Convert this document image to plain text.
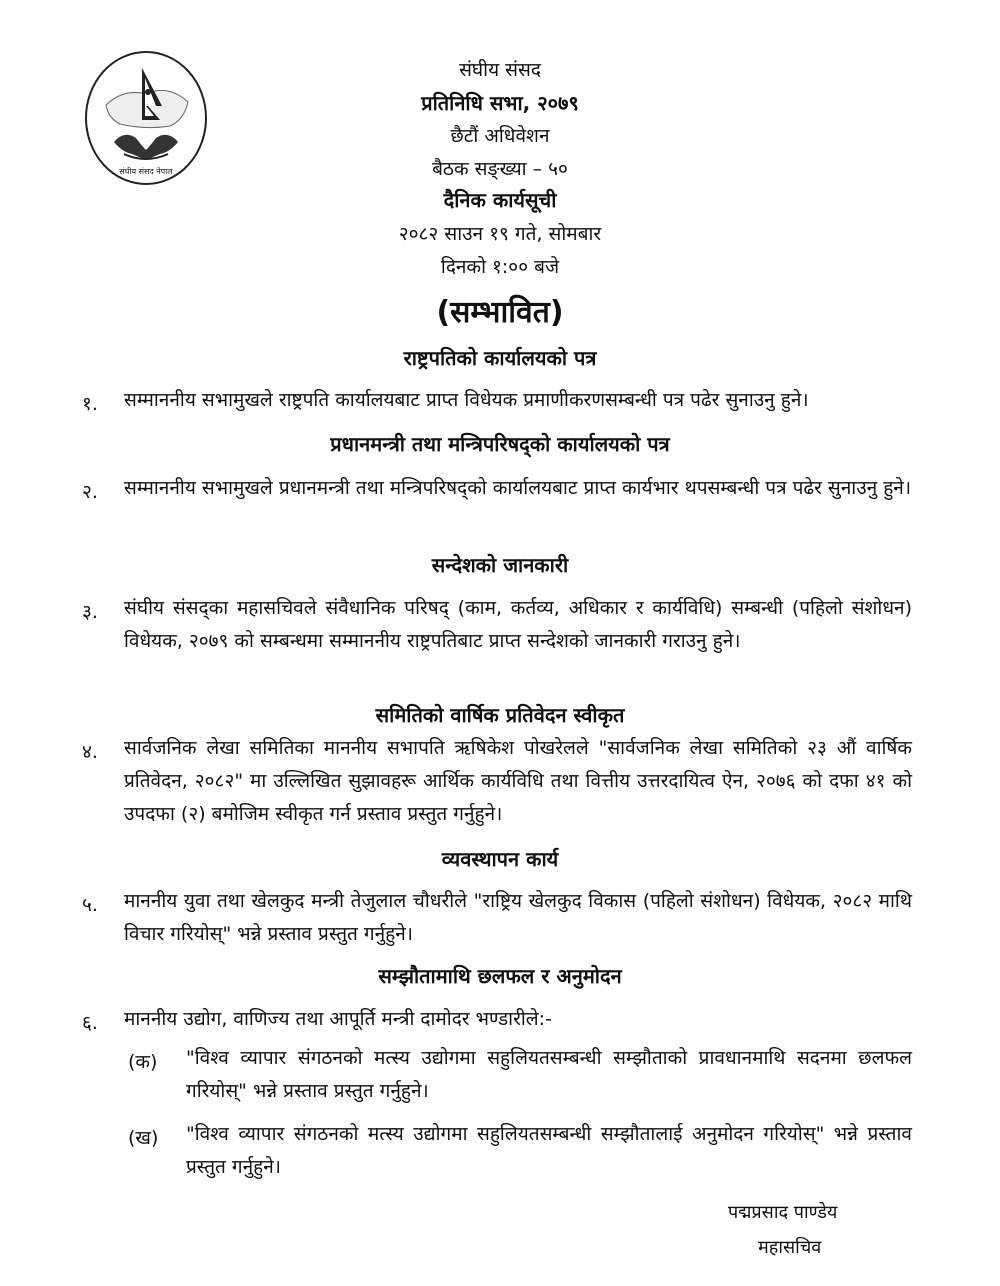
संघीय संसद नेपाल
संघीय संसद
प्रतिनिधि सभा, २०७९
छैटौं अधिवेशन
बैठक सङ्ख्या – ५०
दैनिक कार्यसूची
२०८२ साउन १९ गते, सोमबार
दिनको १:०० बजे
(सम्भावित)
राष्ट्रपतिको कार्यालयको पत्र
१. सम्माननीय सभामुखले राष्ट्रपति कार्यालयबाट प्राप्त विधेयक प्रमाणीकरणसम्बन्धी पत्र पढेर सुनाउनु हुने।
प्रधानमन्त्री तथा मन्त्रिपरिषद्को कार्यालयको पत्र
२. सम्माननीय सभामुखले प्रधानमन्त्री तथा मन्त्रिपरिषद्को कार्यालयबाट प्राप्त कार्यभार थपसम्बन्धी पत्र पढेर सुनाउनु हुने।
सन्देशको जानकारी
३. संघीय संसद्का महासचिवले संवैधानिक परिषद् (काम, कर्तव्य, अधिकार र कार्यविधि) सम्बन्धी (पहिलो संशोधन) विधेयक, २०७९ को सम्बन्धमा सम्माननीय राष्ट्रपतिबाट प्राप्त सन्देशको जानकारी गराउनु हुने।
समितिको वार्षिक प्रतिवेदन स्वीकृत
४. सार्वजनिक लेखा समितिका माननीय सभापति ऋषिकेश पोखरेलले "सार्वजनिक लेखा समितिको २३ औं वार्षिक प्रतिवेदन, २०८२" मा उल्लिखित सुझावहरू आर्थिक कार्यविधि तथा वित्तीय उत्तरदायित्व ऐन, २०७६ को दफा ४१ को उपदफा (२) बमोजिम स्वीकृत गर्न प्रस्ताव प्रस्तुत गर्नुहुने।
व्यवस्थापन कार्य
५. माननीय युवा तथा खेलकुद मन्त्री तेजुलाल चौधरीले "राष्ट्रिय खेलकुद विकास (पहिलो संशोधन) विधेयक, २०८२ माथि विचार गरियोस्" भन्ने प्रस्ताव प्रस्तुत गर्नुहुने।
सम्झौतामाथि छलफल र अनुमोदन
६. माननीय उद्योग, वाणिज्य तथा आपूर्ति मन्त्री दामोदर भण्डारीले:-
(क) "विश्व व्यापार संगठनको मत्स्य उद्योगमा सहुलियतसम्बन्धी सम्झौताको प्रावधानमाथि सदनमा छलफल गरियोस्" भन्ने प्रस्ताव प्रस्तुत गर्नुहुने।
(ख) "विश्व व्यापार संगठनको मत्स्य उद्योगमा सहुलियतसम्बन्धी सम्झौतालाई अनुमोदन गरियोस्" भन्ने प्रस्ताव प्रस्तुत गर्नुहुने।
पद्मप्रसाद पाण्डेय
महासचिव
